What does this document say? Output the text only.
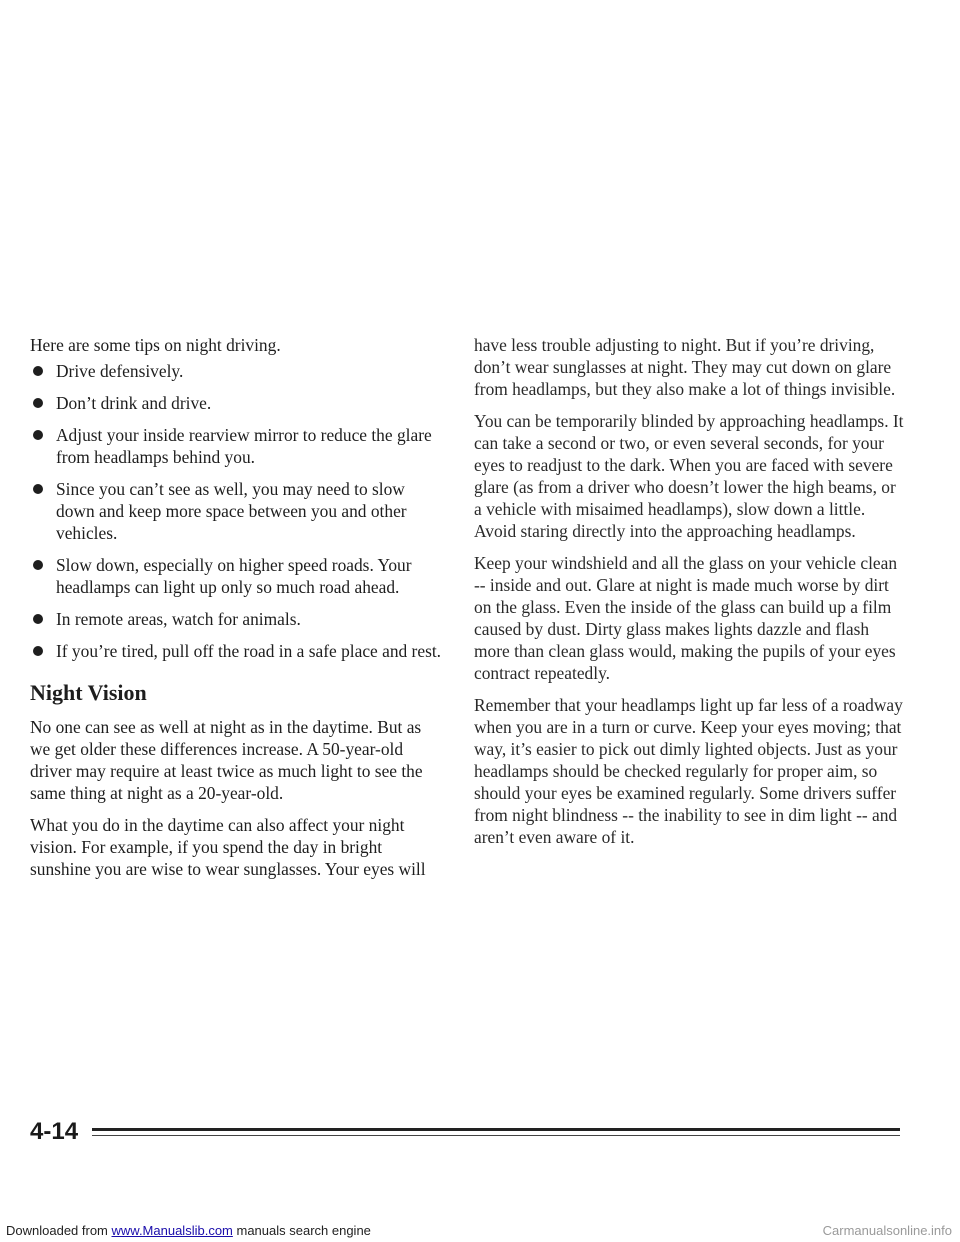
Here are some tips on night driving.

Drive defensively.
Don’t drink and drive.
Adjust your inside rearview mirror to reduce the glare from headlamps behind you.
Since you can’t see as well, you may need to slow down and keep more space between you and other vehicles.
Slow down, especially on higher speed roads. Your headlamps can light up only so much road ahead.
In remote areas, watch for animals.
If you’re tired, pull off the road in a safe place and rest.
Night Vision

No one can see as well at night as in the daytime. But as we get older these differences increase. A 50-year-old driver may require at least twice as much light to see the same thing at night as a 20-year-old.

What you do in the daytime can also affect your night vision. For example, if you spend the day in bright sunshine you are wise to wear sunglasses. Your eyes will

have less trouble adjusting to night. But if you’re driving, don’t wear sunglasses at night. They may cut down on glare from headlamps, but they also make a lot of things invisible.

You can be temporarily blinded by approaching headlamps. It can take a second or two, or even several seconds, for your eyes to readjust to the dark. When you are faced with severe glare (as from a driver who doesn’t lower the high beams, or a vehicle with misaimed headlamps), slow down a little. Avoid staring directly into the approaching headlamps.

Keep your windshield and all the glass on your vehicle clean -- inside and out. Glare at night is made much worse by dirt on the glass. Even the inside of the glass can build up a film caused by dust. Dirty glass makes lights dazzle and flash more than clean glass would, making the pupils of your eyes contract repeatedly.

Remember that your headlamps light up far less of a roadway when you are in a turn or curve. Keep your eyes moving; that way, it’s easier to pick out dimly lighted objects. Just as your headlamps should be checked regularly for proper aim, so should your eyes be examined regularly. Some drivers suffer from night blindness -- the inability to see in dim light -- and aren’t even aware of it.

4-14
Downloaded from www.Manualslib.com manuals search engine	Carmanualsonline.info
